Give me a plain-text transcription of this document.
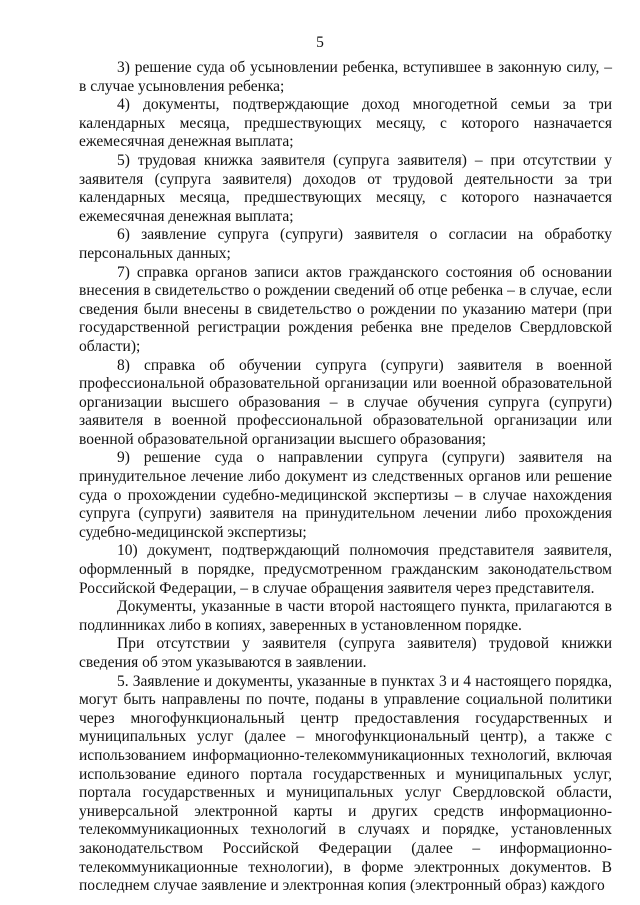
5

3) решение суда об усыновлении ребенка, вступившее в законную силу, – в случае усыновления ребенка;

4) документы, подтверждающие доход многодетной семьи за три календарных месяца, предшествующих месяцу, с которого назначается ежемесячная денежная выплата;

5) трудовая книжка заявителя (супруга заявителя) – при отсутствии у заявителя (супруга заявителя) доходов от трудовой деятельности за три календарных месяца, предшествующих месяцу, с которого назначается ежемесячная денежная выплата;

6) заявление супруга (супруги) заявителя о согласии на обработку персональных данных;

7) справка органов записи актов гражданского состояния об основании внесения в свидетельство о рождении сведений об отце ребенка – в случае, если сведения были внесены в свидетельство о рождении по указанию матери (при государственной регистрации рождения ребенка вне пределов Свердловской области);

8) справка об обучении супруга (супруги) заявителя в военной профессиональной образовательной организации или военной образовательной организации высшего образования – в случае обучения супруга (супруги) заявителя в военной профессиональной образовательной организации или военной образовательной организации высшего образования;

9) решение суда о направлении супруга (супруги) заявителя на принудительное лечение либо документ из следственных органов или решение суда о прохождении судебно-медицинской экспертизы – в случае нахождения супруга (супруги) заявителя на принудительном лечении либо прохождения судебно-медицинской экспертизы;

10) документ, подтверждающий полномочия представителя заявителя, оформленный в порядке, предусмотренном гражданским законодательством Российской Федерации, – в случае обращения заявителя через представителя.

Документы, указанные в части второй настоящего пункта, прилагаются в подлинниках либо в копиях, заверенных в установленном порядке.

При отсутствии у заявителя (супруга заявителя) трудовой книжки сведения об этом указываются в заявлении.

5. Заявление и документы, указанные в пунктах 3 и 4 настоящего порядка, могут быть направлены по почте, поданы в управление социальной политики через многофункциональный центр предоставления государственных и муниципальных услуг (далее – многофункциональный центр), а также с использованием информационно-телекоммуникационных технологий, включая использование единого портала государственных и муниципальных услуг, портала государственных и муниципальных услуг Свердловской области, универсальной электронной карты и других средств информационно-телекоммуникационных технологий в случаях и порядке, установленных законодательством Российской Федерации (далее – информационно-телекоммуникационные технологии), в форме электронных документов. В последнем случае заявление и электронная копия (электронный образ) каждого
